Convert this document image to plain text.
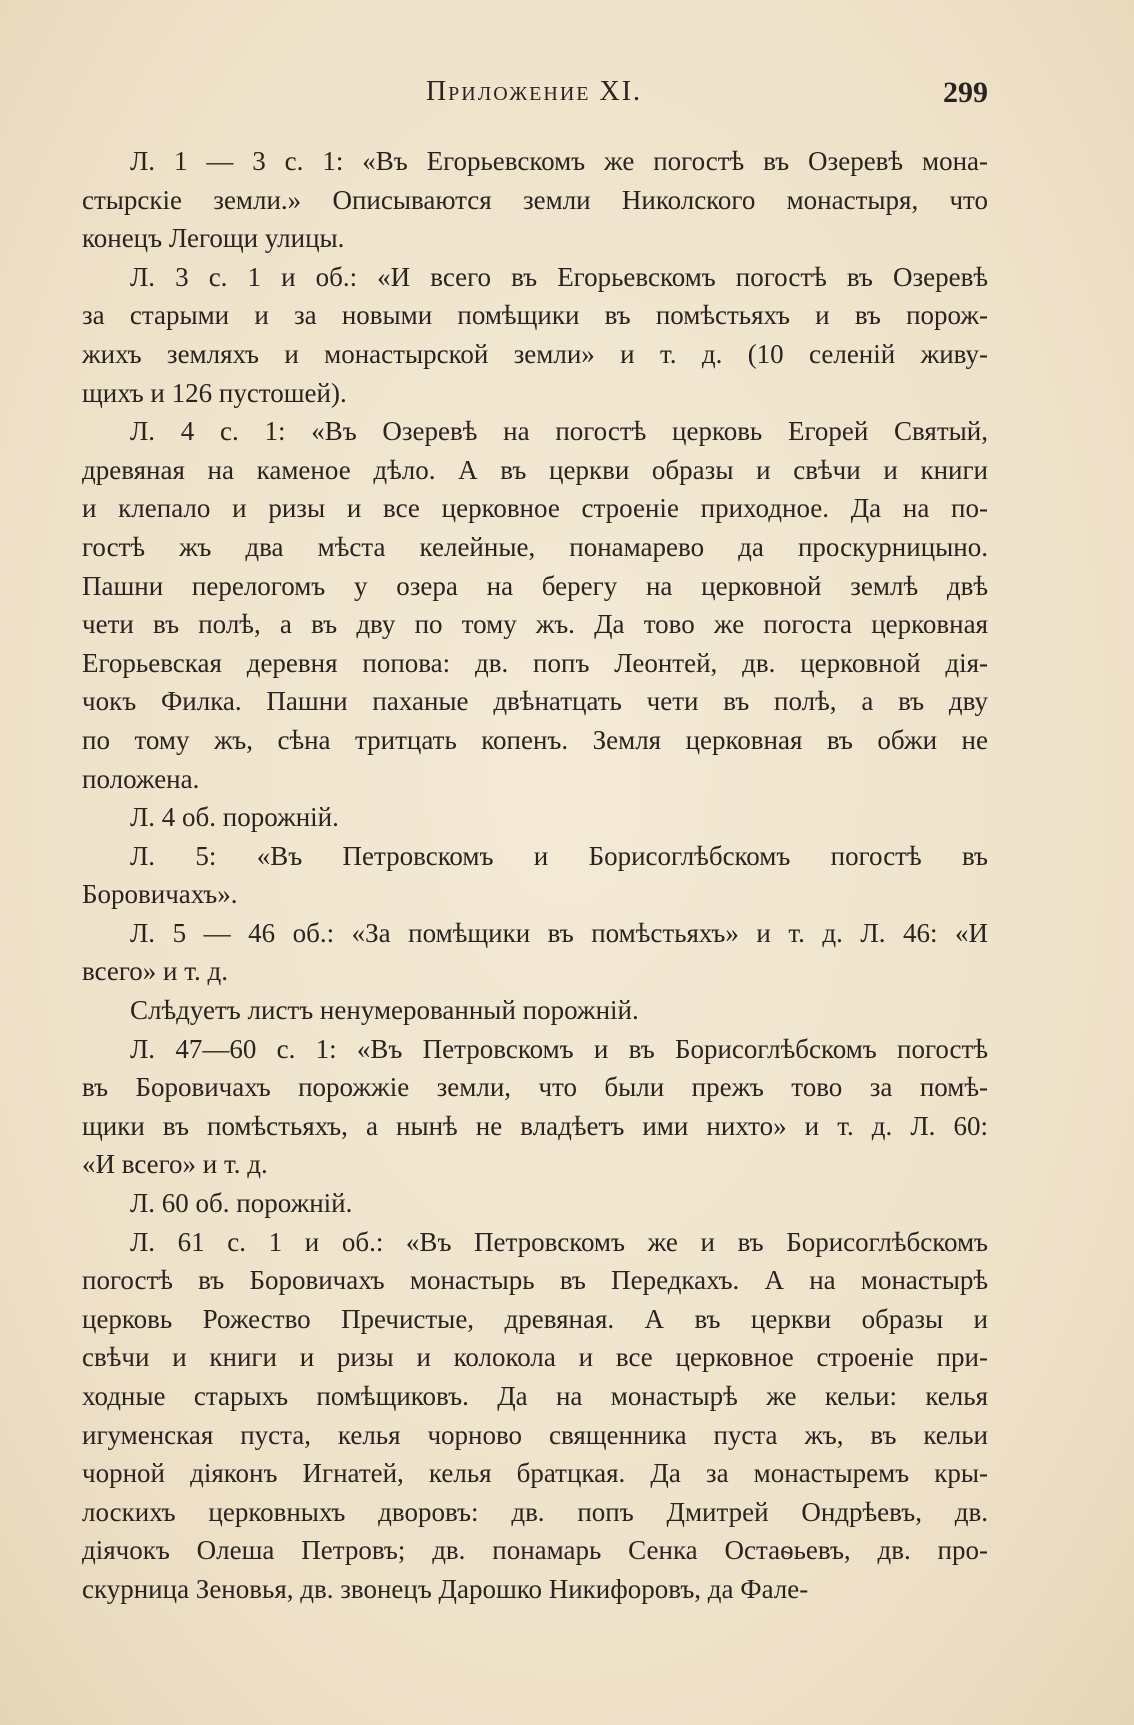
Приложение XI.	299
Л. 1 — 3 с. 1: «Въ Егорьевскомъ же погостѣ въ Озеревѣ мона-
стырскіе земли.» Описываются земли Николского монастыря, что
конецъ Легощи улицы.
Л. 3 с. 1 и об.: «И всего въ Егорьевскомъ погостѣ въ Озеревѣ
за старыми и за новыми помѣщики въ помѣстьяхъ и въ порож-
жихъ земляхъ и монастырской земли» и т. д. (10 селеній живу-
щихъ и 126 пустошей).
Л. 4 с. 1: «Въ Озеревѣ на погостѣ церковь Егорей Святый,
древяная на каменое дѣло. А въ церкви образы и свѣчи и книги
и клепало и ризы и все церковное строеніе приходное. Да на по-
гостѣ жъ два мѣста келейные, понамарево да проскурницыно.
Пашни перелогомъ у озера на берегу на церковной землѣ двѣ
чети въ полѣ, а въ дву по тому жъ. Да тово же погоста церковная
Егорьевская деревня попова: дв. попъ Леонтей, дв. церковной дія-
чокъ Филка. Пашни паханые двѣнатцать чети въ полѣ, а въ дву
по тому жъ, сѣна тритцать копенъ. Земля церковная въ обжи не
положена.
Л. 4 об. порожній.
Л. 5: «Въ Петровскомъ и Борисоглѣбскомъ погостѣ въ
Боровичахъ».
Л. 5 — 46 об.: «За помѣщики въ помѣстьяхъ» и т. д. Л. 46: «И
всего» и т. д.
Слѣдуетъ листъ ненумерованный порожній.
Л. 47—60 с. 1: «Въ Петровскомъ и въ Борисоглѣбскомъ погостѣ
въ Боровичахъ порожжіе земли, что были прежъ тово за помѣ-
щики въ помѣстьяхъ, а нынѣ не владѣетъ ими нихто» и т. д. Л. 60:
«И всего» и т. д.
Л. 60 об. порожній.
Л. 61 с. 1 и об.: «Въ Петровскомъ же и въ Борисоглѣбскомъ
погостѣ въ Боровичахъ монастырь въ Передкахъ. А на монастырѣ
церковь Рожество Пречистые, древяная. А въ церкви образы и
свѣчи и книги и ризы и колокола и все церковное строеніе при-
ходные старыхъ помѣщиковъ. Да на монастырѣ же кельи: келья
игуменская пуста, келья чорново священника пуста жъ, въ кельи
чорной діяконъ Игнатей, келья братцкая. Да за монастыремъ кры-
лоскихъ церковныхъ дворовъ: дв. попъ Дмитрей Ондрѣевъ, дв.
діячокъ Олеша Петровъ; дв. понамарь Сенка Остаѳьевъ, дв. про-
скурница Зеновья, дв. звонецъ Дарошко Никифоровъ, да Фале-
